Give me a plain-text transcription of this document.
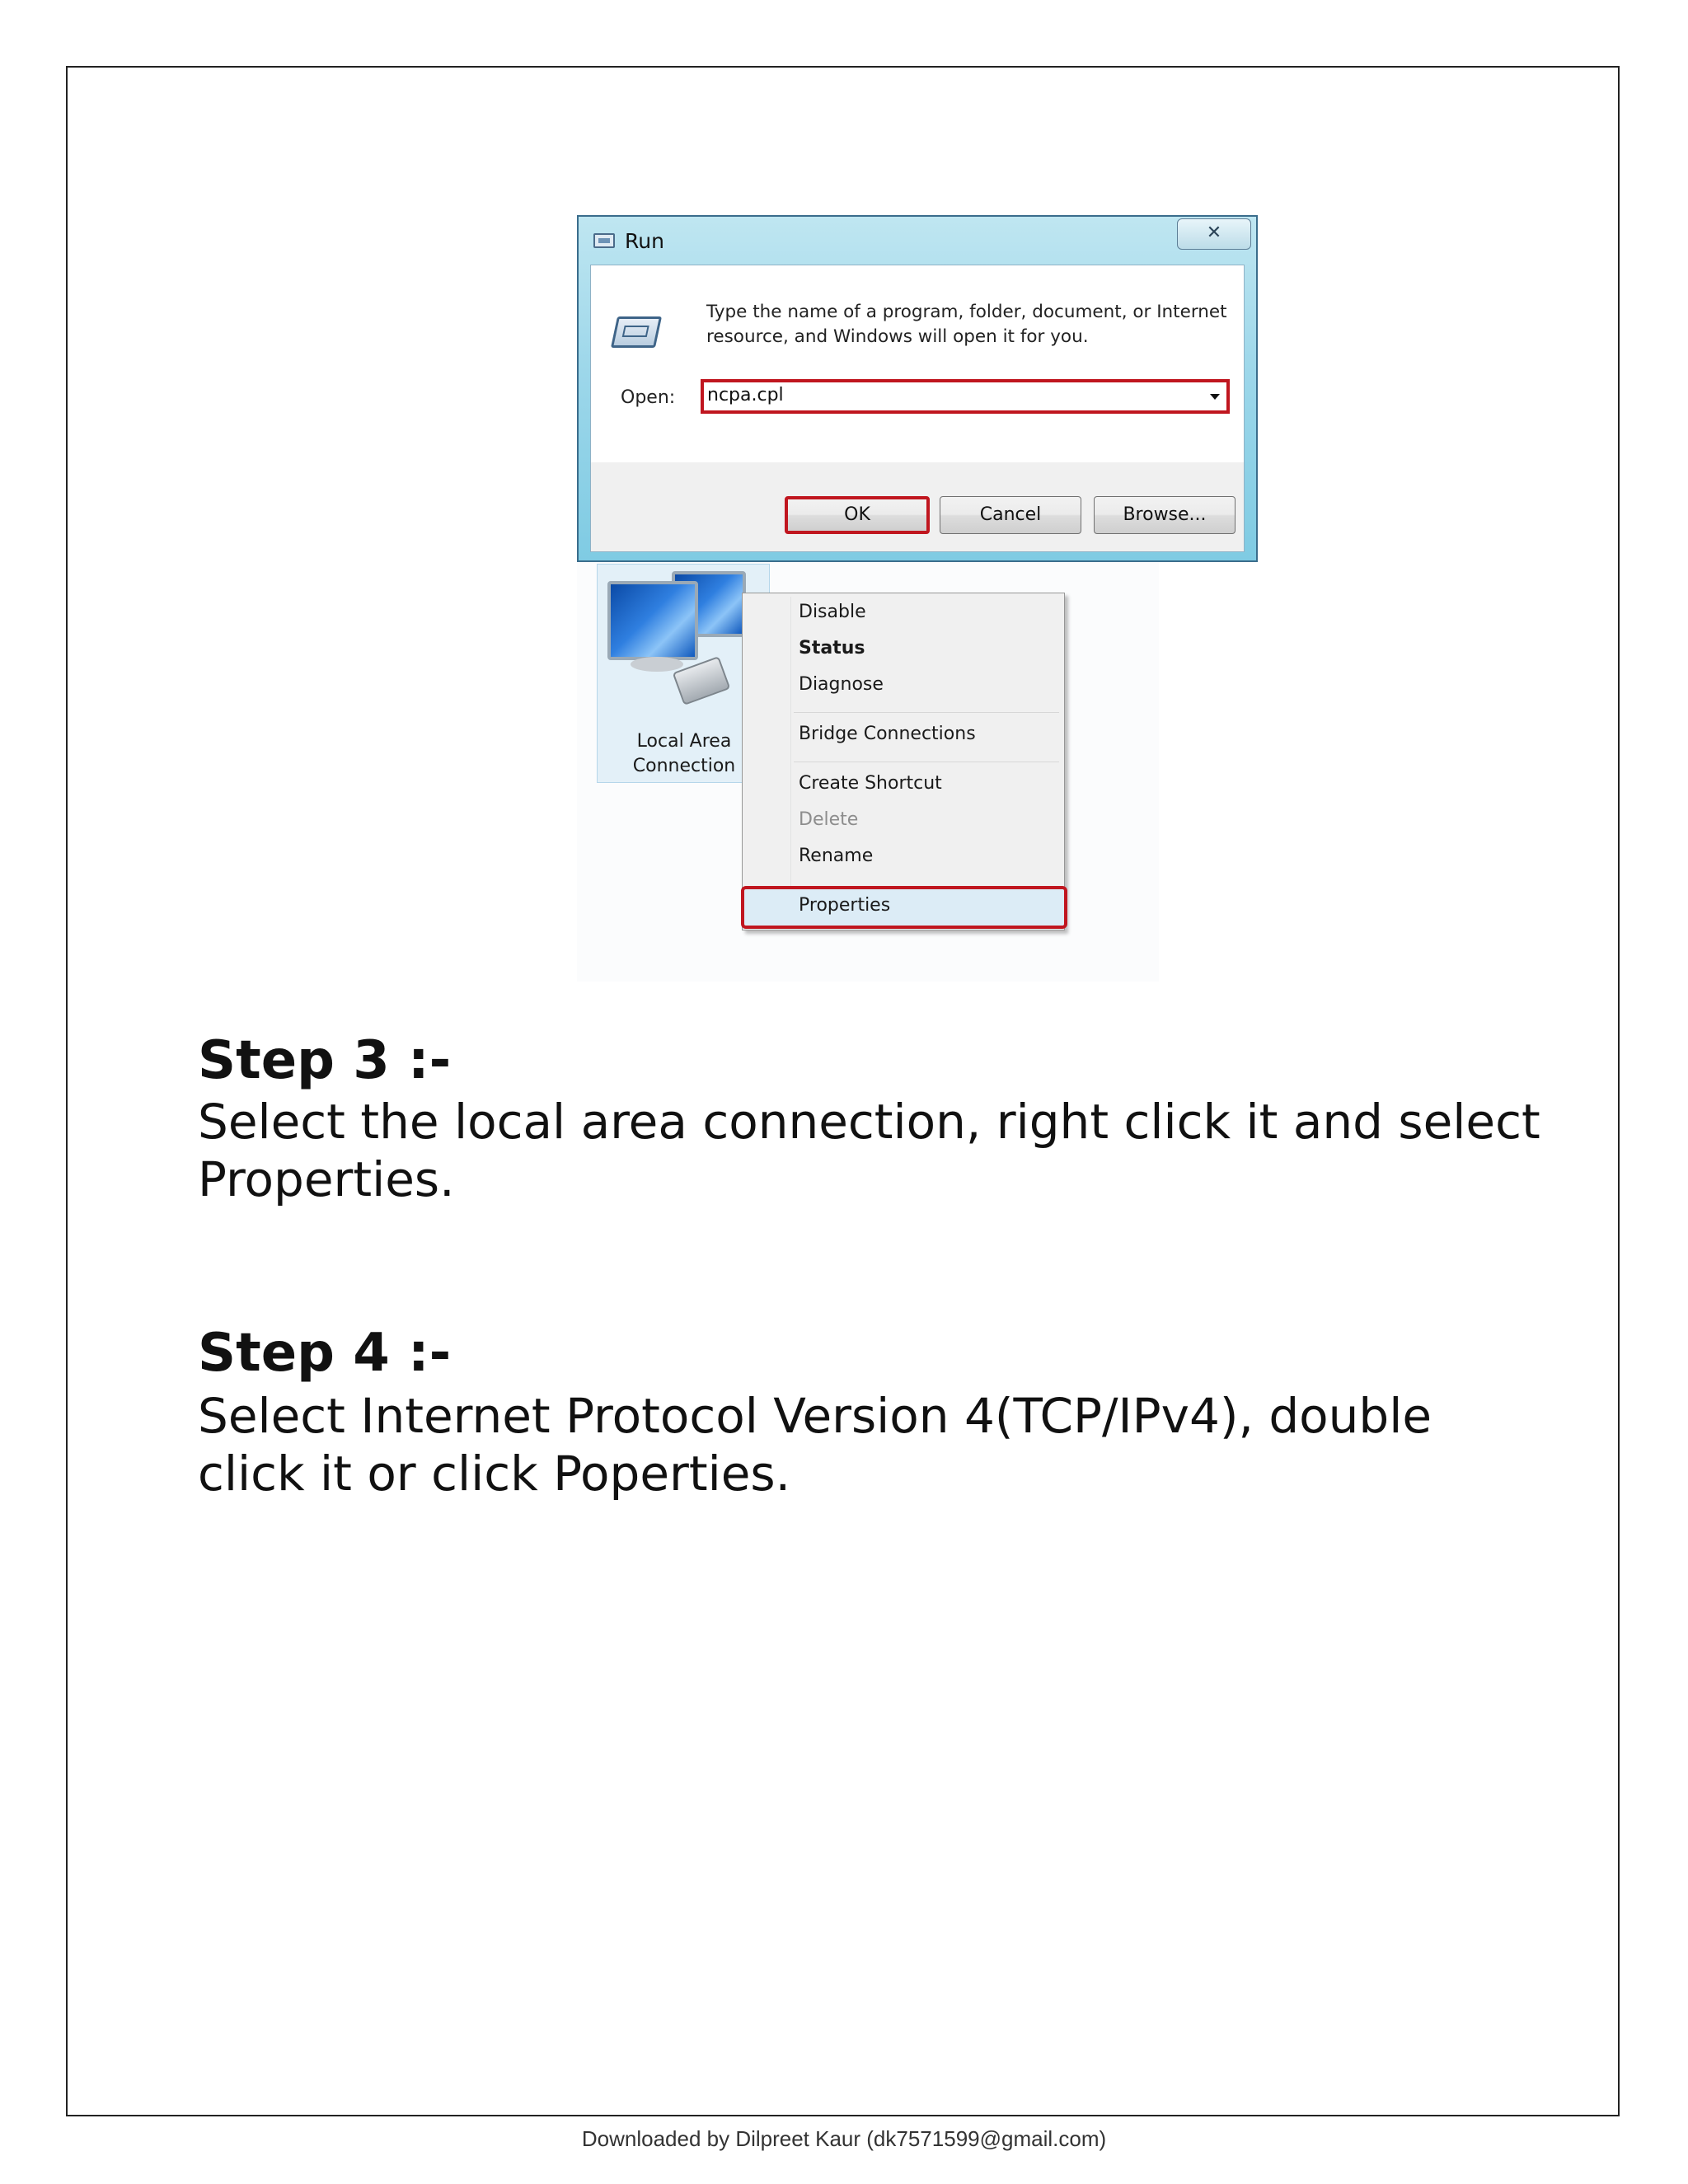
Run	✕
Type the name of a program, folder, document, or Internet resource, and Windows will open it for you.
Open: ncpa.cpl
OK	Cancel	Browse...
Local Area
Connection
Disable
Status
Diagnose
Bridge Connections
Create Shortcut
Delete
Rename
Properties
Step 3 :-
Select the local area connection, right click it and select Properties.
Step 4 :-
Select Internet Protocol Version 4(TCP/IPv4), double click it or click Poperties.
Downloaded by Dilpreet Kaur (dk7571599@gmail.com)
